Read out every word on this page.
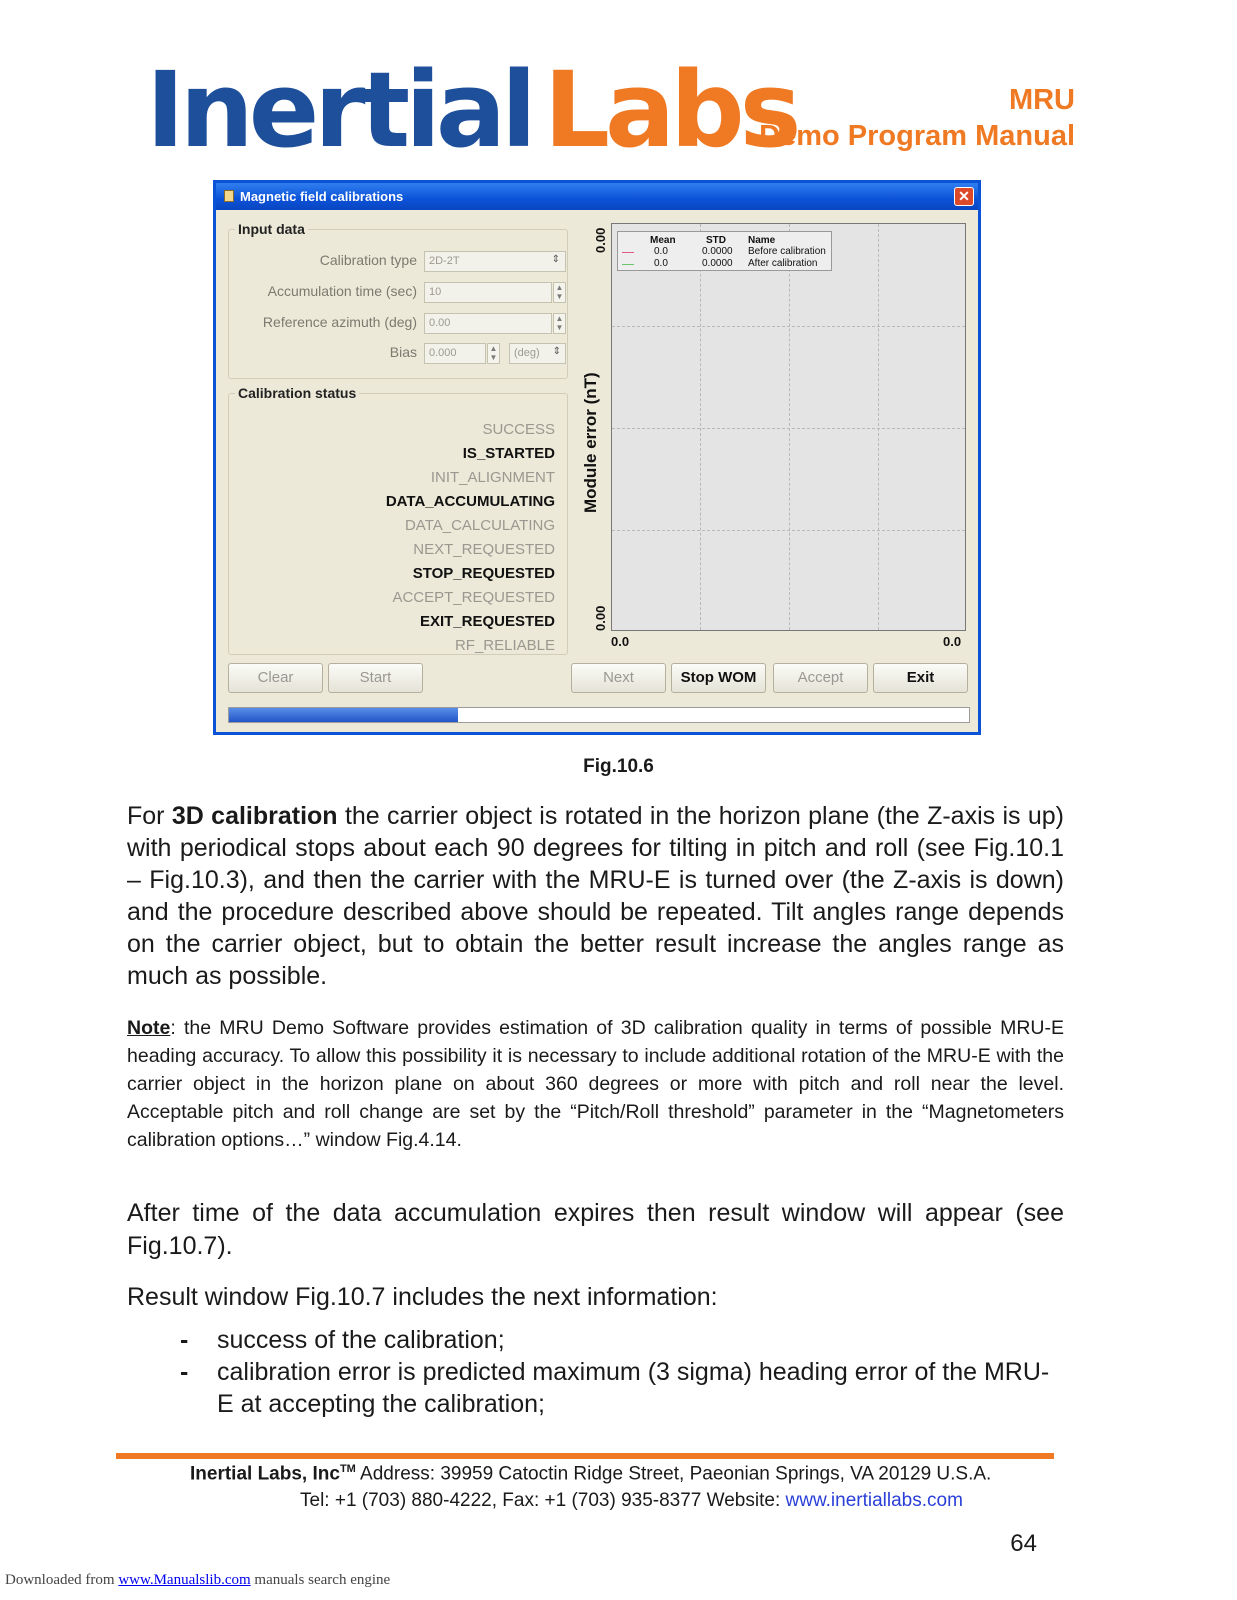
Inertial Labs	MRU
Demo Program Manual
Magnetic field calibrations	✕
Input data
Calibration type	2D-2T	⇕
Accumulation time (sec)	10	▲
▼
Reference azimuth (deg)	0.00	▲
▼
Bias	0.000	▲
▼	(deg) ⇕
Calibration status
SUCCESS
IS_STARTED
INIT_ALIGNMENT
DATA_ACCUMULATING
DATA_CALCULATING
NEXT_REQUESTED
STOP_REQUESTED
ACCEPT_REQUESTED
EXIT_REQUESTED
RF_RELIABLE
Module error (nT)
0.00
0.00
Mean	STD Name
0.0	0.0000 Before calibration
0.0	0.0000 After calibration
0.0	0.0
Clear	Start	Next	Stop WOM	Accept	Exit
Fig.10.6
For 3D calibration the carrier object is rotated in the horizon plane (the Z-axis is up) with periodical stops about each 90 degrees for tilting in pitch and roll (see Fig.10.1 – Fig.10.3), and then the carrier with the MRU-E is turned over (the Z-axis is down) and the procedure described above should be repeated. Tilt angles range depends on the carrier object, but to obtain the better result increase the angles range as much as possible.
Note: the MRU Demo Software provides estimation of 3D calibration quality in terms of possible MRU-E heading accuracy. To allow this possibility it is necessary to include additional rotation of the MRU-E with the carrier object in the horizon plane on about 360 degrees or more with pitch and roll near the level. Acceptable pitch and roll change are set by the “Pitch/Roll threshold” parameter in the “Magnetometers calibration options…” window Fig.4.14.
After time of the data accumulation expires then result window will appear (see Fig.10.7).
Result window Fig.10.7 includes the next information:
- success of the calibration;
- calibration error is predicted maximum (3 sigma) heading error of the MRU-E at accepting the calibration;
Inertial Labs, Inc™ Address: 39959 Catoctin Ridge Street, Paeonian Springs, VA 20129 U.S.A.
Tel: +1 (703) 880-4222, Fax: +1 (703) 935-8377 Website: www.inertiallabs.com
64
Downloaded from www.Manualslib.com manuals search engine
